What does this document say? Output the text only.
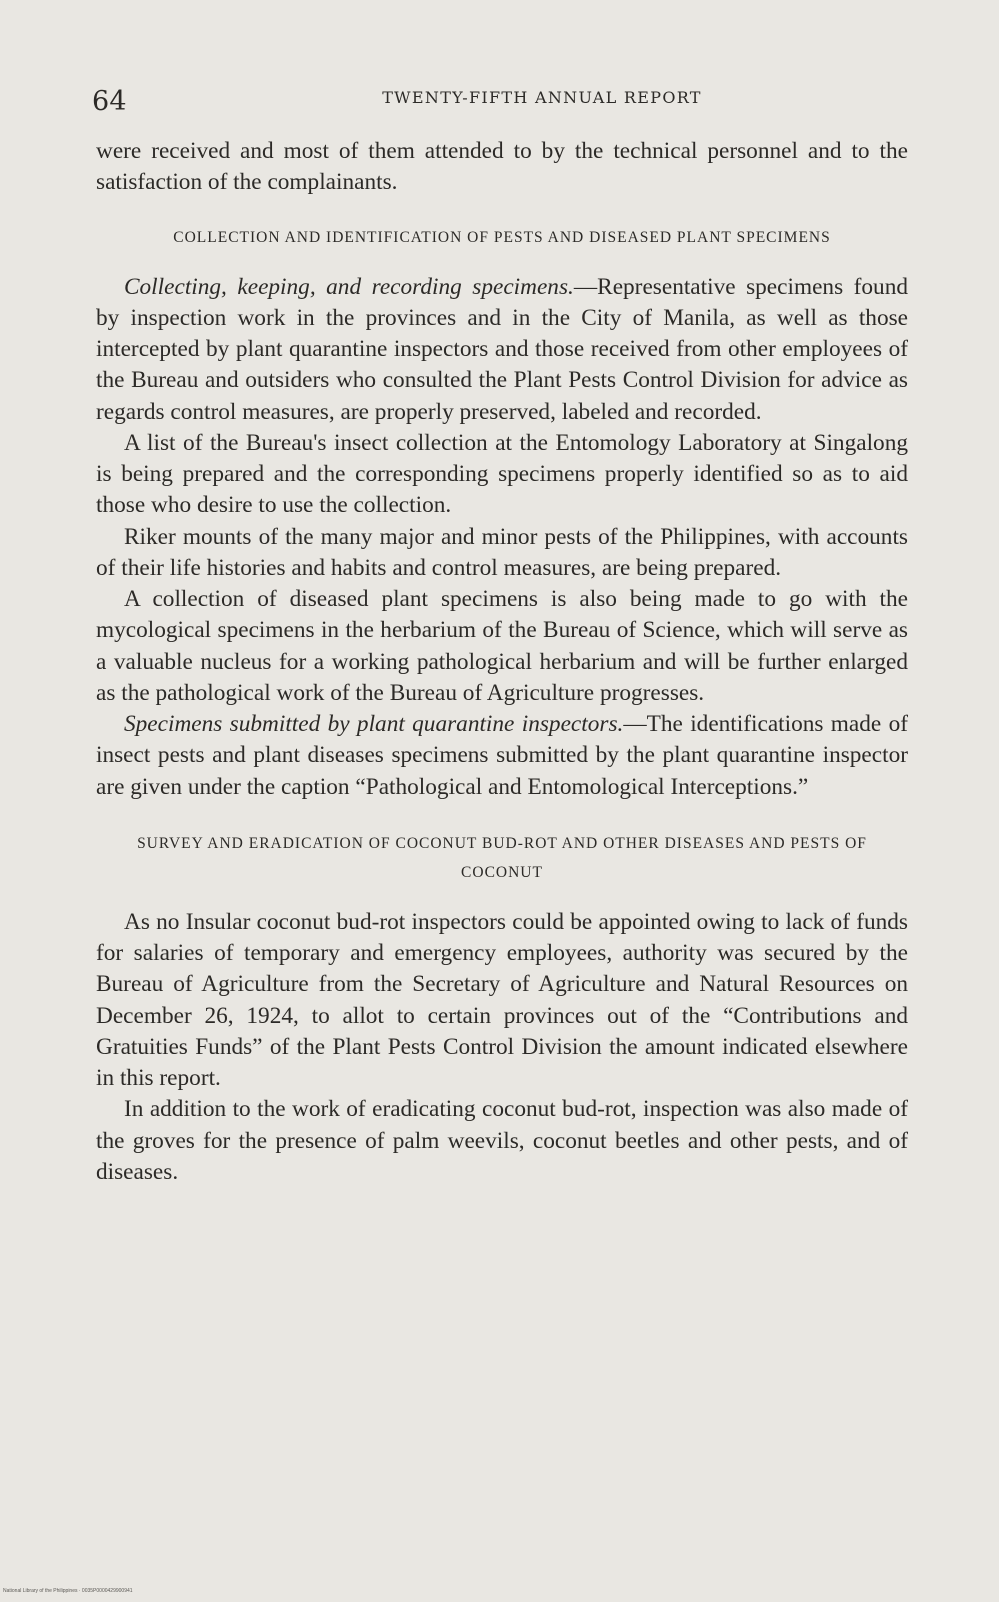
64	TWENTY-FIFTH ANNUAL REPORT

were received and most of them attended to by the technical personnel and to the satisfaction of the complainants.

COLLECTION AND IDENTIFICATION OF PESTS AND DISEASED PLANT SPECIMENS

Collecting, keeping, and recording specimens.—Representative specimens found by inspection work in the provinces and in the City of Manila, as well as those intercepted by plant quarantine inspectors and those received from other employees of the Bureau and outsiders who consulted the Plant Pests Control Division for advice as regards control measures, are properly preserved, labeled and recorded.

A list of the Bureau's insect collection at the Entomology Laboratory at Singalong is being prepared and the corresponding specimens properly identified so as to aid those who desire to use the collection.

Riker mounts of the many major and minor pests of the Philippines, with accounts of their life histories and habits and control measures, are being prepared.

A collection of diseased plant specimens is also being made to go with the mycological specimens in the herbarium of the Bureau of Science, which will serve as a valuable nucleus for a working pathological herbarium and will be further enlarged as the pathological work of the Bureau of Agriculture progresses.

Specimens submitted by plant quarantine inspectors.—The identifications made of insect pests and plant diseases specimens submitted by the plant quarantine inspector are given under the caption “Pathological and Entomological Interceptions.”

SURVEY AND ERADICATION OF COCONUT BUD-ROT AND OTHER DISEASES AND PESTS OF COCONUT

As no Insular coconut bud-rot inspectors could be appointed owing to lack of funds for salaries of temporary and emergency employees, authority was secured by the Bureau of Agriculture from the Secretary of Agriculture and Natural Resources on December 26, 1924, to allot to certain provinces out of the “Contributions and Gratuities Funds” of the Plant Pests Control Division the amount indicated elsewhere in this report.

In addition to the work of eradicating coconut bud-rot, inspection was also made of the groves for the presence of palm weevils, coconut beetles and other pests, and of diseases.

National Library of the Philippines · 0035P0000429900941
